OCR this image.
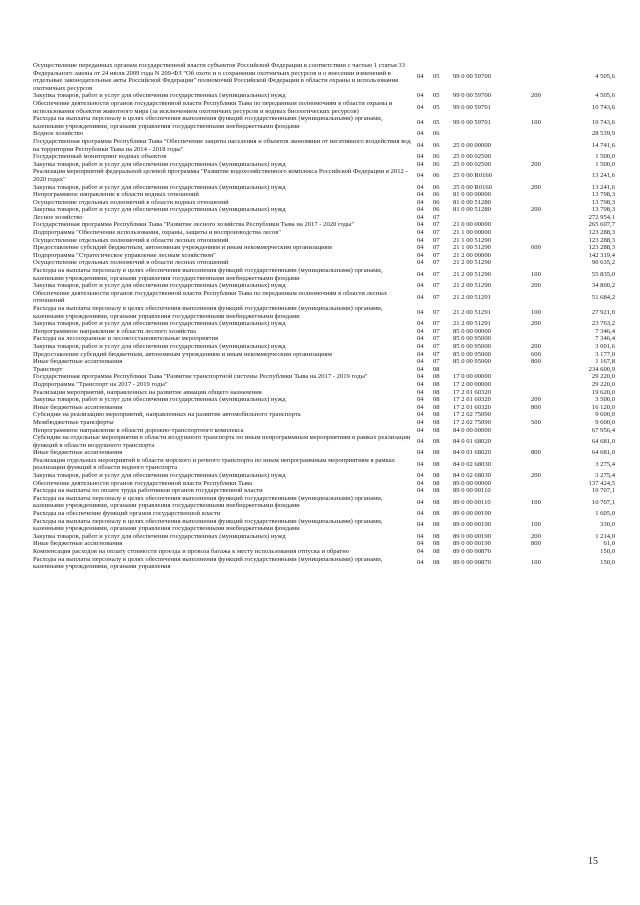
Осуществление переданных органам государственной власти субъектов Российской Федерации в соответствии с частью 1 статьи 33 Федерального закона от 24 июля 2009 года N 209-ФЗ "Об охоте и о сохранении охотничьих ресурсов и о внесении изменений в отдельные законодательные акты Российской Федерации" полномочий Российской Федерации в области охраны и использования охотничьих ресурсов	04	05	99 0 00 59700		4 505,6
Закупка товаров, работ и услуг для обеспечения государственных (муниципальных) нужд	04	05	99 0 00 59700	200	4 505,6
Обеспечение деятельности органов государственной власти Республики Тыва по переданным полномочиям в области охраны и использования объектов животного мира (за исключением охотничьих ресурсов и водных биологических ресурсов)	04	05	99 0 00 59701		10 743,6
Расходы на выплаты персоналу в целях обеспечения выполнения функций государственными (муниципальными) органами, казенными учреждениями, органами управления государственными внебюджетными фондами	04	05	99 0 00 59701	100	10 743,6
Водное хозяйство	04	06			28 539,9
Государственная программа Республики Тыва "Обеспечение защиты населения и объектов экономики от негативного воздействия вод на территории Республики Тыва на 2014 - 2018 годы"	04	06	25 0 00 00000		14 741,6
Государственный мониторинг водных объектов	04	06	25 0 00 02500		1 500,0
Закупка товаров, работ и услуг для обеспечения государственных (муниципальных) нужд	04	06	25 0 00 02500	200	1 500,0
Реализация мероприятий федеральной целевой программы "Развитие водохозяйственного комплекса Российской Федерации в 2012 - 2020 годах"	04	06	25 0 00 R0160		13 241,6
Закупка товаров, работ и услуг для обеспечения государственных (муниципальных) нужд	04	06	25 0 00 R0160	200	13 241,6
Непрограммное направление в области водных отношений	04	06	81 0 00 00000		13 798,3
Осуществление отдельных полномочий в области водных отношений	04	06	81 0 00 51280		13 798,3
Закупка товаров, работ и услуг для обеспечения государственных (муниципальных) нужд	04	06	81 0 00 51280	200	13 798,3
Лесное хозяйство	04	07			272 954,1
Государственная программа Республики Тыва "Развитие лесного хозяйства Республики Тыва на 2017 - 2020 годы"	04	07	21 0 00 00000		265 607,7
Подпрограмма "Обеспечение использования, охраны, защиты и воспроизводства лесов"	04	07	21 1 00 00000		123 288,3
Осуществление отдельных полномочий в области лесных отношений	04	07	21 1 00 51290		123 288,3
Предоставление субсидий бюджетным, автономным учреждениям и иным некоммерческим организациям	04	07	21 1 00 51290	600	123 288,3
Подпрограмма "Стратегическое управление лесным хозяйством"	04	07	21 2 00 00000		142 319,4
Осуществление отдельных полномочий в области лесных отношений	04	07	21 2 00 51290		90 635,2
Расходы на выплаты персоналу в целях обеспечения выполнения функций государственными (муниципальными) органами, казенными учреждениями, органами управления государственными внебюджетными фондами	04	07	21 2 00 51290	100	55 835,0
Закупка товаров, работ и услуг для обеспечения государственных (муниципальных) нужд	04	07	21 2 00 51290	200	34 800,2
Обеспечение деятельности органов государственной власти Республики Тыва по переданным полномочиям в области лесных отношений	04	07	21 2 00 51291		51 684,2
Расходы на выплаты персоналу в целях обеспечения выполнения функций государственными (муниципальными) органами, казенными учреждениями, органами управления государственными внебюджетными фондами	04	07	21 2 00 51291	100	27 921,0
Закупка товаров, работ и услуг для обеспечения государственных (муниципальных) нужд	04	07	21 2 00 51291	200	23 763,2
Непрограммное направление в области лесного хозяйства	04	07	85 0 00 00000		7 346,4
Расходы на лесоохранные и лесовосстановительные мероприятия	04	07	85 0 00 95000		7 346,4
Закупка товаров, работ и услуг для обеспечения государственных (муниципальных) нужд	04	07	85 0 00 95000	200	3 001,6
Предоставление субсидий бюджетным, автономным учреждениям и иным некоммерческим организациям	04	07	85 0 00 95000	600	3 177,0
Иные бюджетные ассигнования	04	07	85 0 00 95000	800	1 167,8
Транспорт	04	08			234 600,9
Государственная программа Республики Тыва "Развитие транспортной системы Республики Тыва на 2017 - 2019 годы"	04	08	17 0 00 00000		29 220,0
Подпрограмма "Транспорт на 2017 - 2019 годы"	04	08	17 2 00 00000		29 220,0
Реализация мероприятий, направленных на развитие авиации общего назначения	04	08	17 2 01 60320		19 620,0
Закупка товаров, работ и услуг для обеспечения государственных (муниципальных) нужд	04	08	17 2 01 60320	200	3 500,0
Иные бюджетные ассигнования	04	08	17 2 01 60320	800	16 120,0
Субсидии на реализацию мероприятий, направленных на развитие автомобильного транспорта	04	08	17 2 02 75090		9 600,0
Межбюджетные трансферты	04	08	17 2 02 75090	500	9 600,0
Непрограммное направление в области дорожно-транспортного комплекса	04	08	84 0 00 00000		67 956,4
Субсидии на отдельные мероприятия в области воздушного транспорта по иным непрограммным мероприятиям в рамках реализации функций в области воздушного транспорта	04	08	84 0 01 68020		64 681,0
Иные бюджетные ассигнования	04	08	84 0 01 68020	800	64 681,0
Реализация отдельных мероприятий в области морского и речного транспорта по иным непрограммным мероприятиям в рамках реализации функций в области водного транспорта	04	08	84 0 02 68030		3 275,4
Закупка товаров, работ и услуг для обеспечения государственных (муниципальных) нужд	04	08	84 0 02 68030	200	3 275,4
Обеспечение деятельности органов государственной власти Республики Тыва	04	08	89 0 00 00000		137 424,5
Расходы на выплаты по оплате труда работников органов государственной власти	04	08	89 0 00 00110		10 707,1
Расходы на выплаты персоналу в целях обеспечения выполнения функций государственными (муниципальными) органами, казенными учреждениями, органами управления государственными внебюджетными фондами	04	08	89 0 00 00110	100	10 707,1
Расходы на обеспечение функций органов государственной власти	04	08	89 0 00 00190		1 605,0
Расходы на выплаты персоналу в целях обеспечения выполнения функций государственными (муниципальными) органами, казенными учреждениями, органами управления государственными внебюджетными фондами	04	08	89 0 00 00190	100	330,0
Закупка товаров, работ и услуг для обеспечения государственных (муниципальных) нужд	04	08	89 0 00 00190	200	1 214,0
Иные бюджетные ассигнования	04	08	89 0 00 00190	800	61,0
Компенсация расходов на оплату стоимости проезда и провоза багажа к месту использования отпуска и обратно	04	08	89 0 00 00870		150,0
Расходы на выплаты персоналу в целях обеспечения выполнения функций государственными (муниципальными) органами, казенными учреждениями, органами управления	04	08	89 0 00 00870	100	150,0
15
